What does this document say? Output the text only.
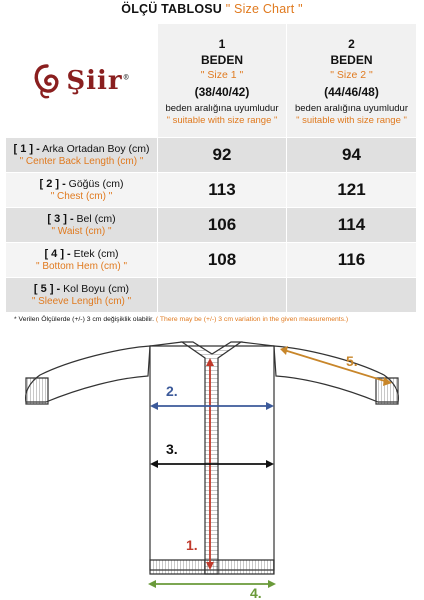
ÖLÇÜ TABLOSU " Size Chart "
Şiir®
1
BEDEN
" Size 1 "
(38/40/42)
beden aralığına uyumludur
" suitable with size range "
2
BEDEN
" Size 2 "
(44/46/48)
beden aralığına uyumludur
" suitable with size range "
[ 1 ] - Arka Ortadan Boy (cm)
" Center Back Length (cm) "	92	94
[ 2 ] - Göğüs (cm)
" Chest (cm) "	113	121
[ 3 ] - Bel (cm)
" Waist (cm) "	106	114
[ 4 ] - Etek (cm)
" Bottom Hem (cm) "	108	116
[ 5 ] - Kol Boyu (cm)
" Sleeve Length (cm) "
* Verilen Ölçülerde (+/-) 3 cm değişiklik olabilir. ( There may be (+/-) 3 cm variation in the given measurements.)
1.
2.
3.
4.
5.
